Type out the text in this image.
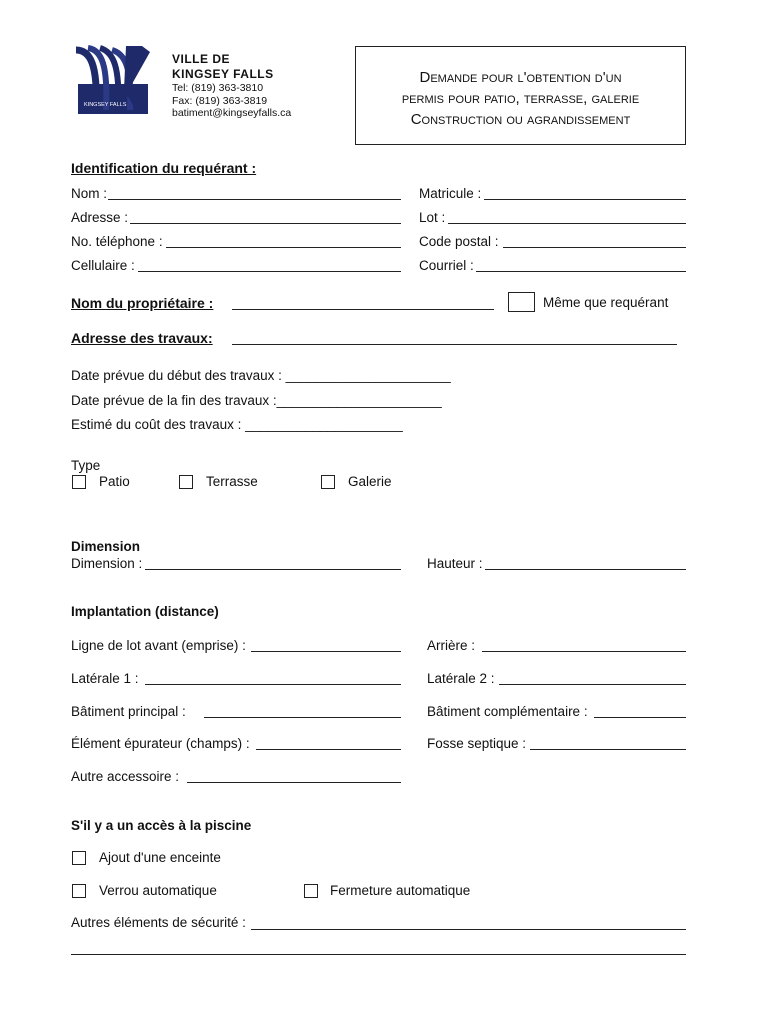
KINGSEY FALLS
VILLE DE
KINGSEY FALLS
Tel: (819) 363-3810
Fax: (819) 363-3819
batiment@kingseyfalls.ca
Demande pour l'obtention d'un
permis pour patio, terrasse, galerie
Construction ou agrandissement
Identification du requérant :
Nom :	Matricule :
Adresse :	Lot :
No. téléphone :	Code postal :
Cellulaire :	Courriel :
Nom du propriétaire :	Même que requérant
Adresse des travaux:
Date prévue du début des travaux : ______________________
Date prévue de la fin des travaux :______________________
Estimé du coût des travaux : _____________________
Type
Patio	Terrasse	Galerie
Dimension
Dimension :	Hauteur :
Implantation (distance)
Ligne de lot avant (emprise) :	Arrière :
Latérale 1 :	Latérale 2 :
Bâtiment principal :	Bâtiment complémentaire :
Élément épurateur (champs) :	Fosse septique :
Autre accessoire :
S'il y a un accès à la piscine
Ajout d'une enceinte
Verrou automatique	Fermeture automatique
Autres éléments de sécurité :
